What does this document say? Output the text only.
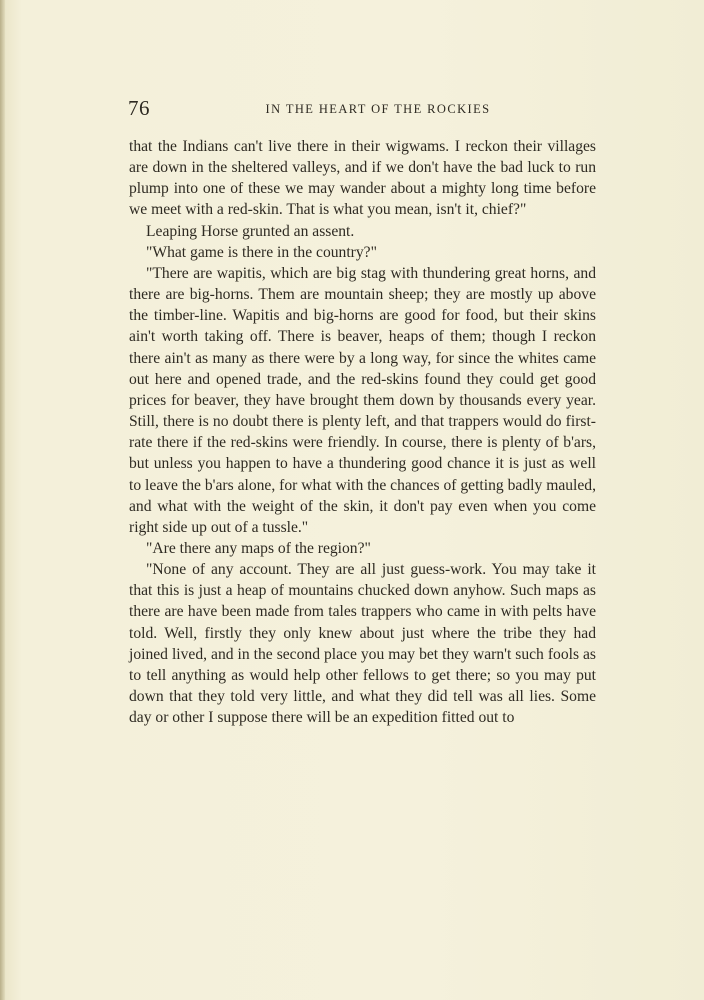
76	IN THE HEART OF THE ROCKIES

that the Indians can't live there in their wigwams. I reckon their villages are down in the sheltered valleys, and if we don't have the bad luck to run plump into one of these we may wander about a mighty long time before we meet with a red-skin. That is what you mean, isn't it, chief?"

Leaping Horse grunted an assent.

"What game is there in the country?"

"There are wapitis, which are big stag with thundering great horns, and there are big-horns. Them are mountain sheep; they are mostly up above the timber-line. Wapitis and big-horns are good for food, but their skins ain't worth taking off. There is beaver, heaps of them; though I reckon there ain't as many as there were by a long way, for since the whites came out here and opened trade, and the red-skins found they could get good prices for beaver, they have brought them down by thousands every year. Still, there is no doubt there is plenty left, and that trappers would do first-rate there if the red-skins were friendly. In course, there is plenty of b'ars, but unless you happen to have a thundering good chance it is just as well to leave the b'ars alone, for what with the chances of getting badly mauled, and what with the weight of the skin, it don't pay even when you come right side up out of a tussle."

"Are there any maps of the region?"

"None of any account. They are all just guess-work. You may take it that this is just a heap of mountains chucked down anyhow. Such maps as there are have been made from tales trappers who came in with pelts have told. Well, firstly they only knew about just where the tribe they had joined lived, and in the second place you may bet they warn't such fools as to tell anything as would help other fellows to get there; so you may put down that they told very little, and what they did tell was all lies. Some day or other I suppose there will be an expedition fitted out to
